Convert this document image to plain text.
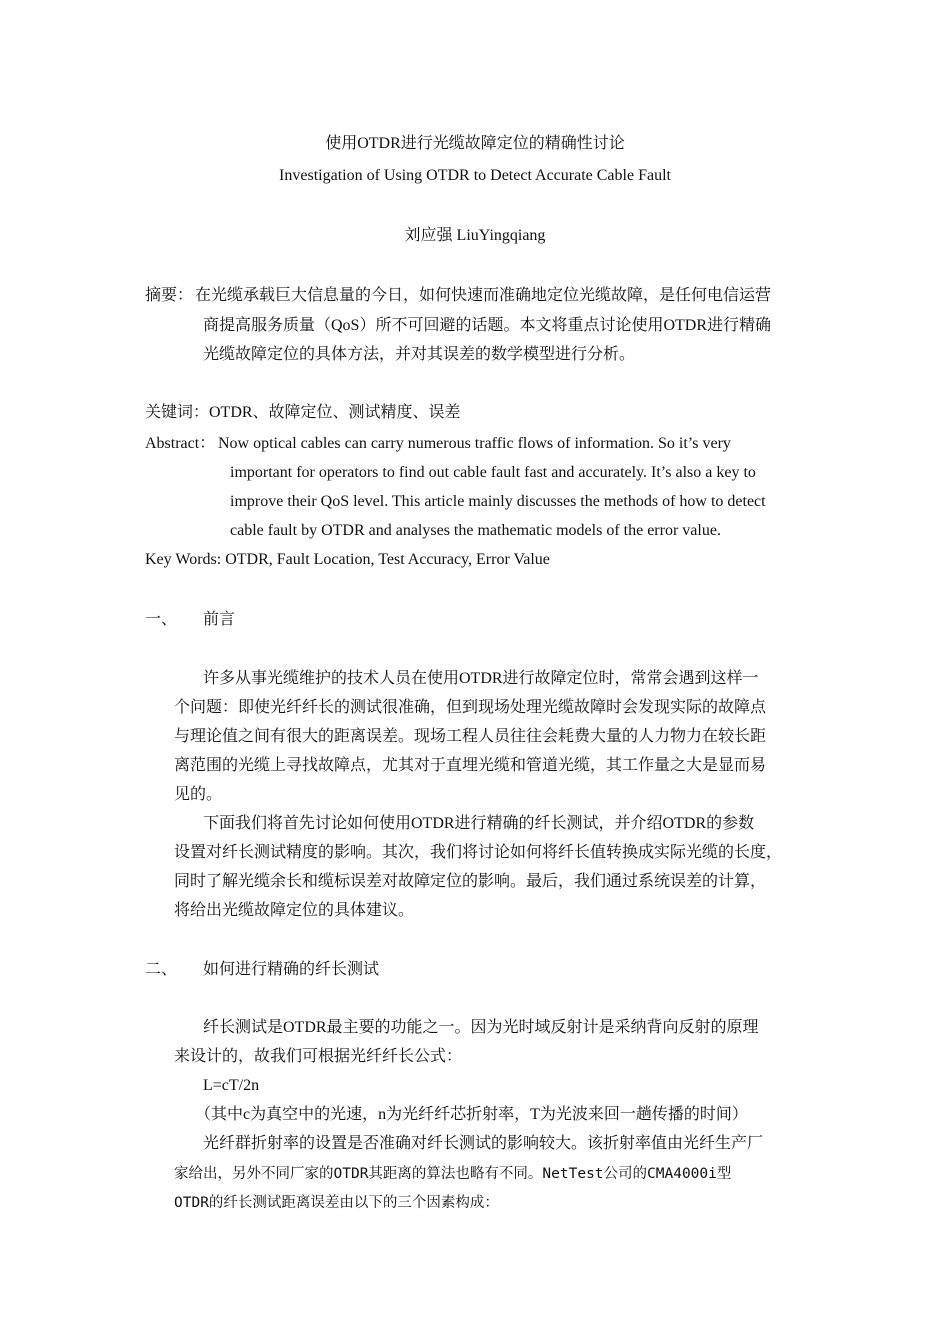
使用OTDR进行光缆故障定位的精确性讨论
Investigation of Using OTDR to Detect Accurate Cable Fault
刘应强 LiuYingqiang
摘要： 在光缆承载巨大信息量的今日，如何快速而准确地定位光缆故障，是任何电信运营
商提高服务质量（QoS）所不可回避的话题。本文将重点讨论使用OTDR进行精确
光缆故障定位的具体方法，并对其误差的数学模型进行分析。
关键词：OTDR、故障定位、测试精度、误差
Abstract： Now optical cables can carry numerous traffic flows of information. So it’s very
important for operators to find out cable fault fast and accurately. It’s also a key to
improve their QoS level. This article mainly discusses the methods of how to detect
cable fault by OTDR and analyses the mathematic models of the error value.
Key Words: OTDR, Fault Location, Test Accuracy, Error Value
一、 前言
许多从事光缆维护的技术人员在使用OTDR进行故障定位时，常常会遇到这样一
个问题：即使光纤纤长的测试很准确，但到现场处理光缆故障时会发现实际的故障点
与理论值之间有很大的距离误差。现场工程人员往往会耗费大量的人力物力在较长距
离范围的光缆上寻找故障点，尤其对于直埋光缆和管道光缆，其工作量之大是显而易
见的。
下面我们将首先讨论如何使用OTDR进行精确的纤长测试，并介绍OTDR的参数
设置对纤长测试精度的影响。其次，我们将讨论如何将纤长值转换成实际光缆的长度，
同时了解光缆余长和缆标误差对故障定位的影响。最后，我们通过系统误差的计算，
将给出光缆故障定位的具体建议。
二、 如何进行精确的纤长测试
纤长测试是OTDR最主要的功能之一。因为光时域反射计是采纳背向反射的原理
来设计的，故我们可根据光纤纤长公式：
L=cT/2n
（其中c为真空中的光速，n为光纤纤芯折射率，T为光波来回一趟传播的时间）
光纤群折射率的设置是否准确对纤长测试的影响较大。该折射率值由光纤生产厂
家给出，另外不同厂家的OTDR其距离的算法也略有不同。NetTest公司的CMA4000i型
OTDR的纤长测试距离误差由以下的三个因素构成：
